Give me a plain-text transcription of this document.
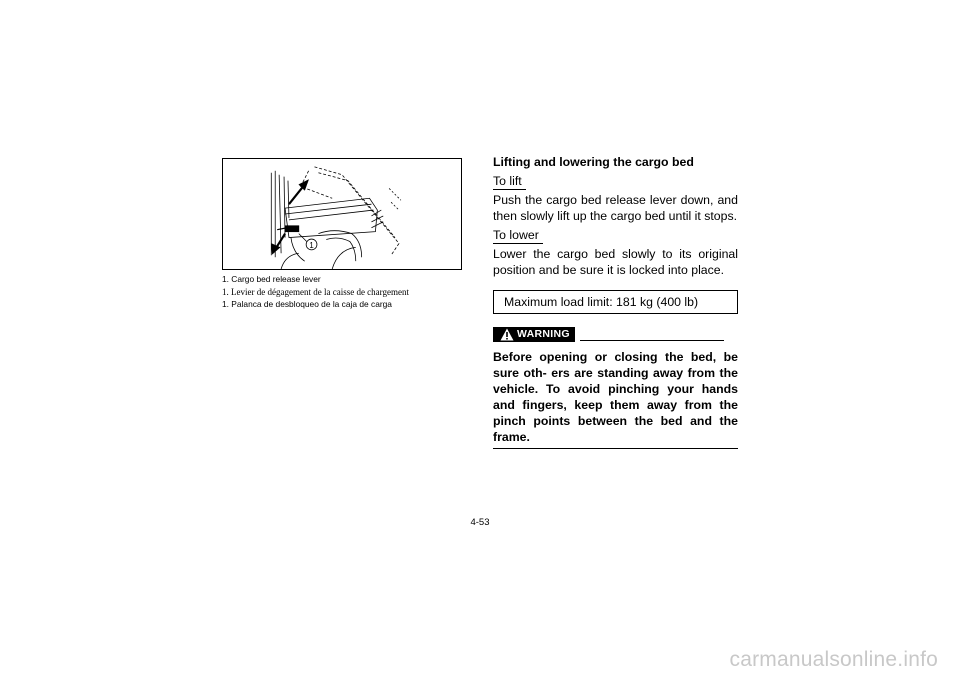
1
1. Cargo bed release lever
1. Levier de dégagement de la caisse de chargement
1. Palanca de desbloqueo de la caja de carga
Lifting and lowering the cargo bed
To lift
Push the cargo bed release lever down, and then slowly lift up the cargo bed until it stops.
To lower
Lower the cargo bed slowly to its original position and be sure it is locked into place.
Maximum load limit: 181 kg (400 lb)
WARNING
Before opening or closing the bed, be sure oth- ers are standing away from the vehicle. To avoid pinching your hands and fingers, keep them away from the pinch points between the bed and the frame.
4-53
carmanualsonline.info
